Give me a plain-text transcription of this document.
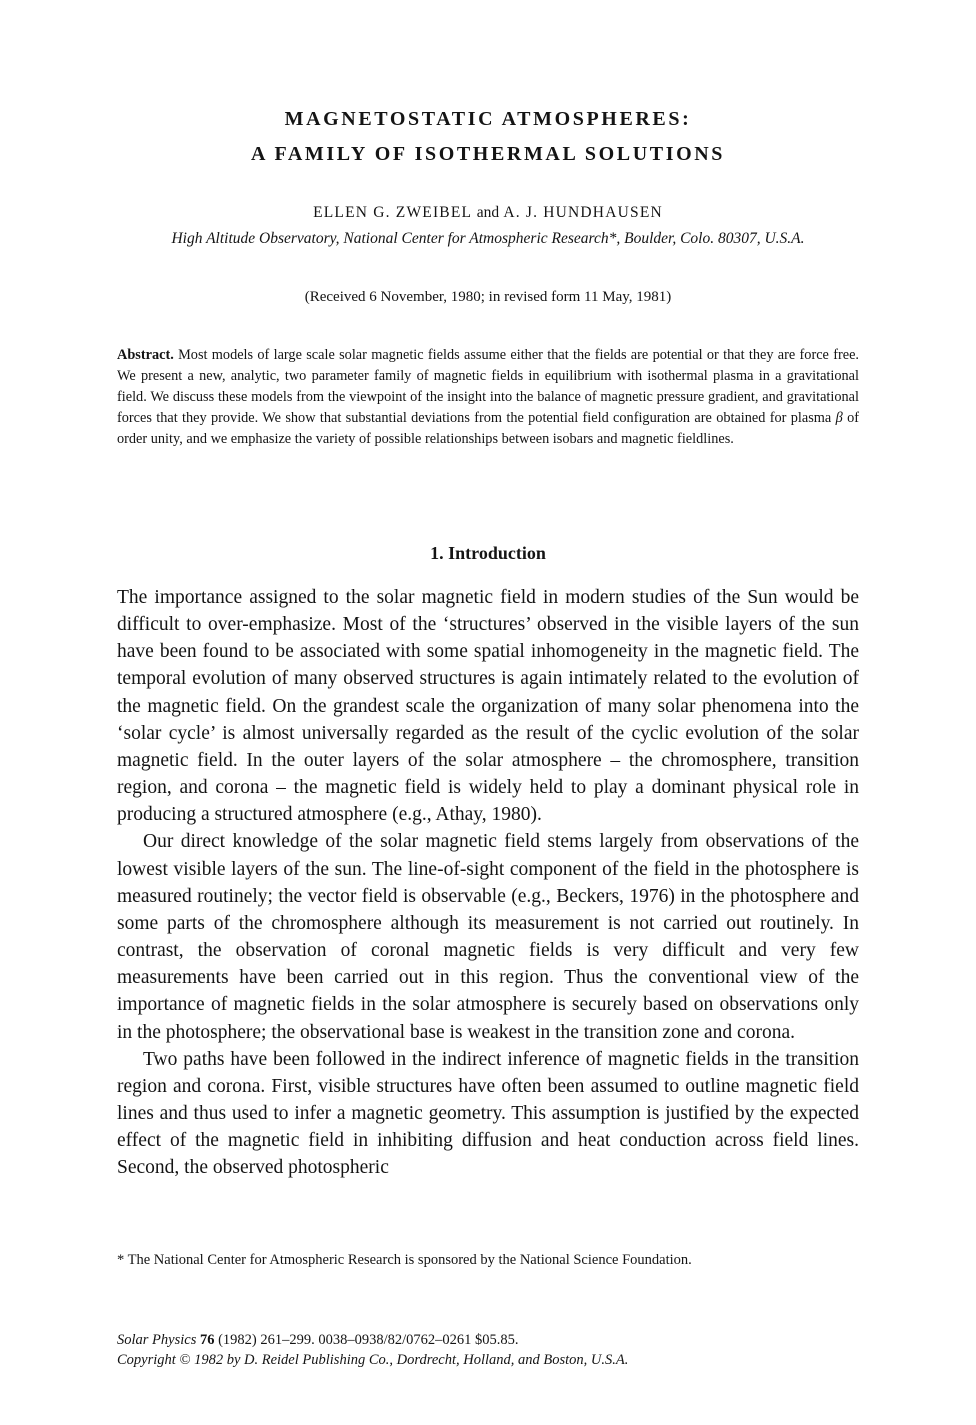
MAGNETOSTATIC ATMOSPHERES:
A FAMILY OF ISOTHERMAL SOLUTIONS
ELLEN G. ZWEIBEL and A. J. HUNDHAUSEN
High Altitude Observatory, National Center for Atmospheric Research*, Boulder, Colo. 80307, U.S.A.
(Received 6 November, 1980; in revised form 11 May, 1981)

Abstract. Most models of large scale solar magnetic fields assume either that the fields are potential or that they are force free. We present a new, analytic, two parameter family of magnetic fields in equilibrium with isothermal plasma in a gravitational field. We discuss these models from the viewpoint of the insight into the balance of magnetic pressure gradient, and gravitational forces that they provide. We show that substantial deviations from the potential field configuration are obtained for plasma β of order unity, and we emphasize the variety of possible relationships between isobars and magnetic fieldlines.

1. Introduction

The importance assigned to the solar magnetic field in modern studies of the Sun would be difficult to over-emphasize. Most of the ‘structures’ observed in the visible layers of the sun have been found to be associated with some spatial inhomogeneity in the magnetic field. The temporal evolution of many observed structures is again intimately related to the evolution of the magnetic field. On the grandest scale the organization of many solar phenomena into the ‘solar cycle’ is almost universally regarded as the result of the cyclic evolution of the solar magnetic field. In the outer layers of the solar atmosphere – the chromosphere, transition region, and corona – the magnetic field is widely held to play a dominant physical role in producing a structured atmosphere (e.g., Athay, 1980).

Our direct knowledge of the solar magnetic field stems largely from observations of the lowest visible layers of the sun. The line-of-sight component of the field in the photosphere is measured routinely; the vector field is observable (e.g., Beckers, 1976) in the photosphere and some parts of the chromosphere although its measurement is not carried out routinely. In contrast, the observation of coronal magnetic fields is very difficult and very few measurements have been carried out in this region. Thus the conventional view of the importance of magnetic fields in the solar atmosphere is securely based on observations only in the photosphere; the observational base is weakest in the transition zone and corona.

Two paths have been followed in the indirect inference of magnetic fields in the transition region and corona. First, visible structures have often been assumed to outline magnetic field lines and thus used to infer a magnetic geometry. This assumption is justified by the expected effect of the magnetic field in inhibiting diffusion and heat conduction across field lines. Second, the observed photospheric

* The National Center for Atmospheric Research is sponsored by the National Science Foundation.
Solar Physics 76 (1982) 261–299. 0038–0938/82/0762–0261 $05.85.
Copyright © 1982 by D. Reidel Publishing Co., Dordrecht, Holland, and Boston, U.S.A.
